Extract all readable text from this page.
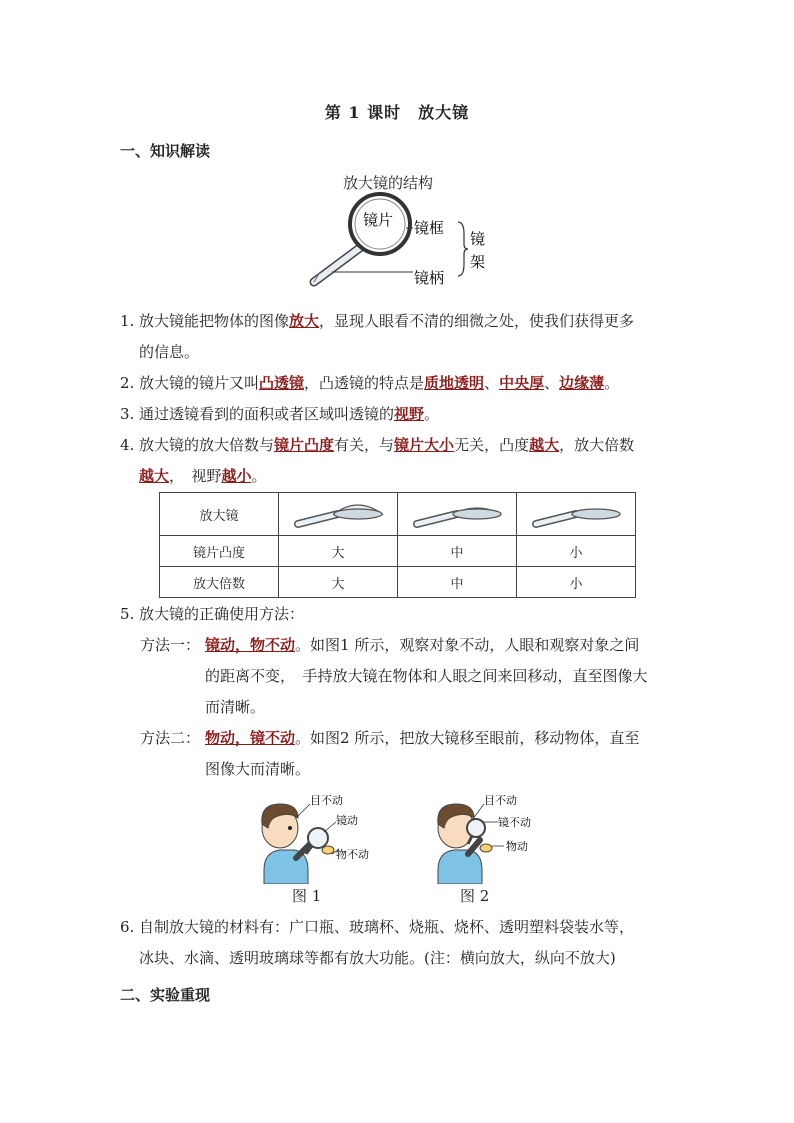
第 1 课时　放大镜
一、知识解读
放大镜的结构
镜片 镜框
镜柄
镜
架
1. 放大镜能把物体的图像放大，显现人眼看不清的细微之处，使我们获得更多
的信息。
2. 放大镜的镜片又叫凸透镜，凸透镜的特点是质地透明、中央厚、边缘薄。
3. 通过透镜看到的面积或者区域叫透镜的视野。
4. 放大镜的放大倍数与镜片凸度有关，与镜片大小无关，凸度越大，放大倍数
越大，　视野越小。
放大镜			
镜片凸度	大	中	小
放大倍数	大	中	小
5. 放大镜的正确使用方法：
方法一： 镜动，物不动。如图1 所示，观察对象不动，人眼和观察对象之间
的距离不变，　手持放大镜在物体和人眼之间来回移动，直至图像大
而清晰。
方法二： 物动，镜不动。如图2 所示，把放大镜移至眼前，移动物体，直至
图像大而清晰。
目不动
镜动
物不动
图 1
目不动
镜不动
物动
图 2
6. 自制放大镜的材料有：广口瓶、玻璃杯、烧瓶、烧杯、透明塑料袋装水等，
冰块、水滴、透明玻璃球等都有放大功能。(注：横向放大，纵向不放大)
二、实验重现
